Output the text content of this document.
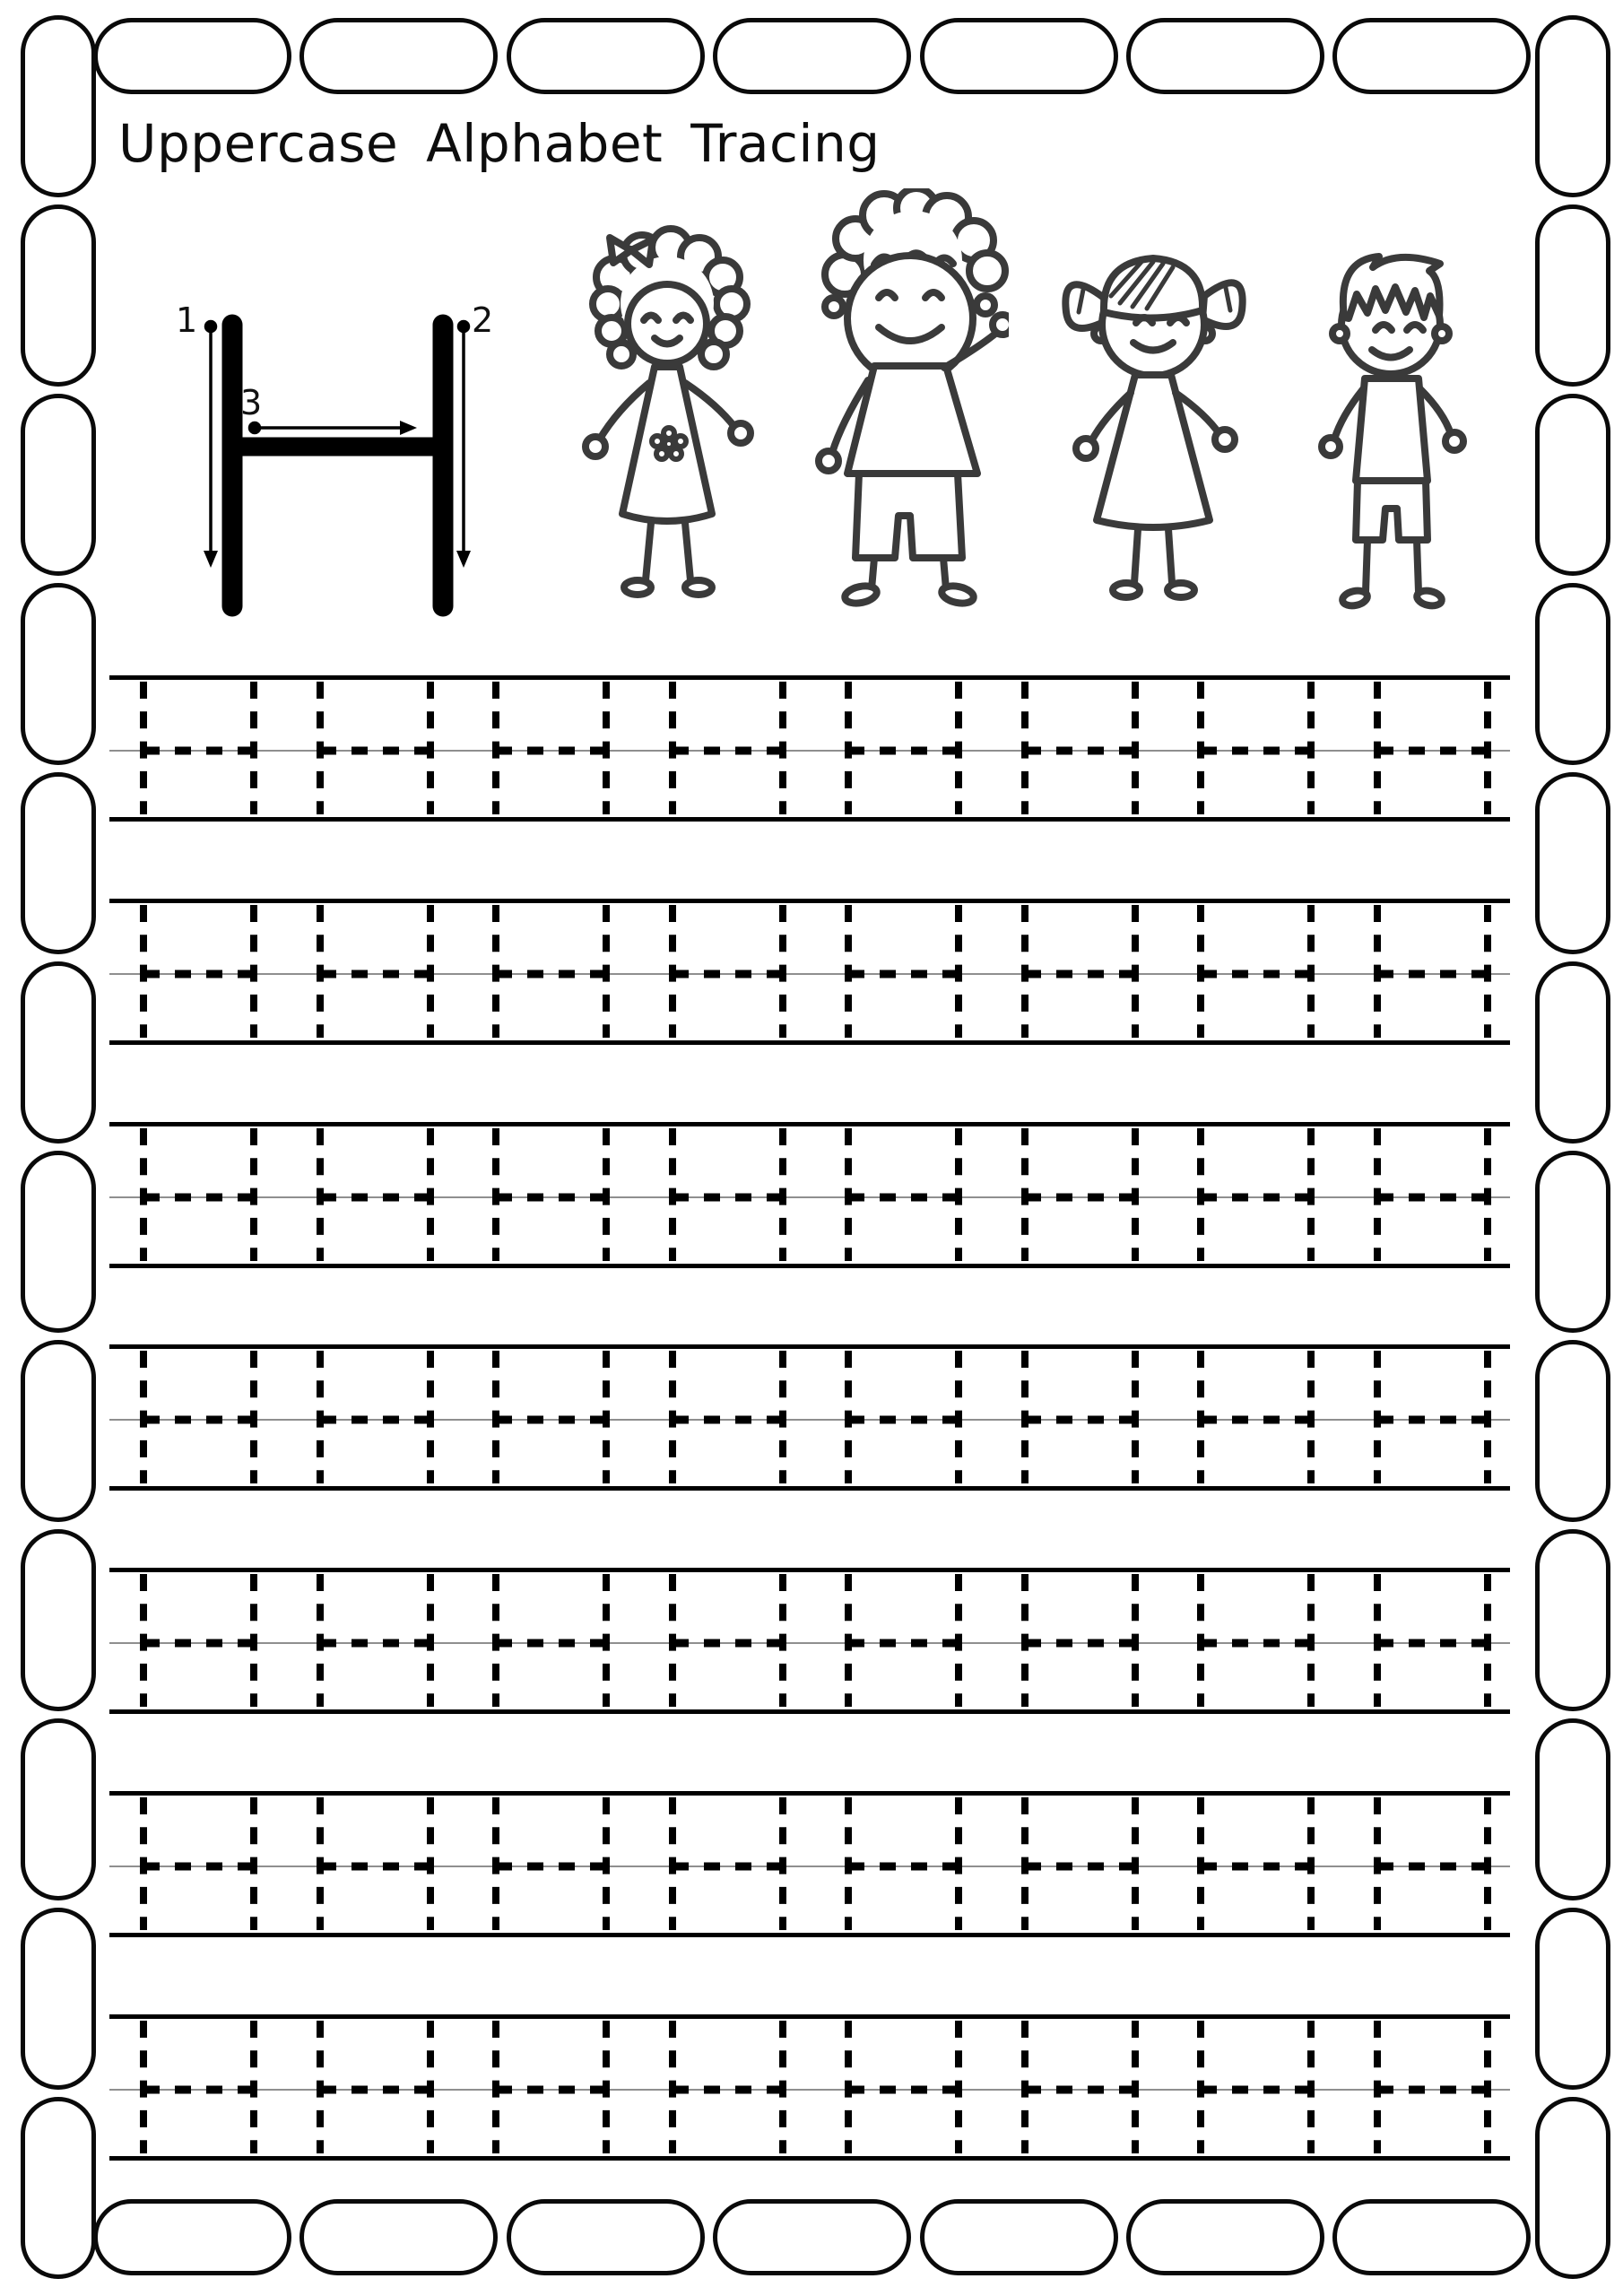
Uppercase Alphabet Tracing
1	2
3
